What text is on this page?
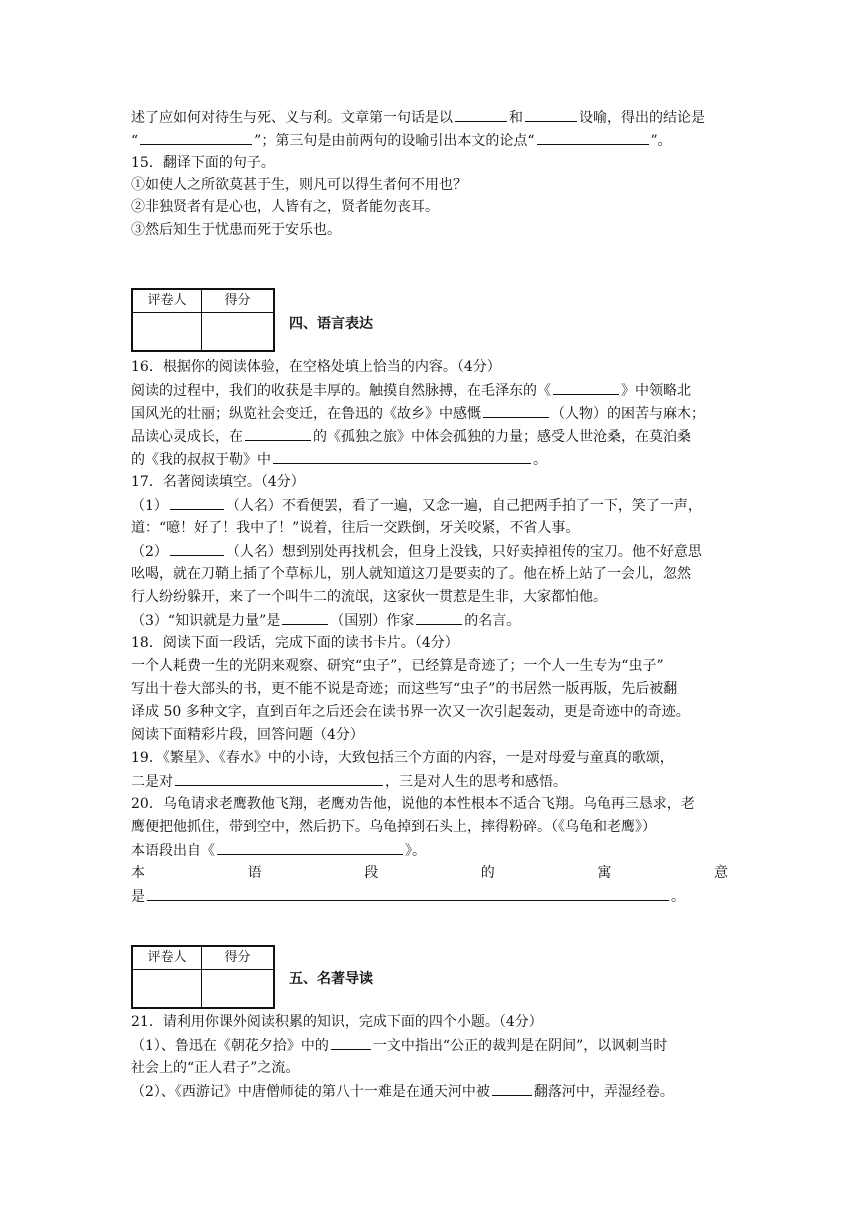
述了应如何对待生与死、义与利。文章第一句话是以	和	设喻，得出的结论是
“	”；第三句是由前两句的设喻引出本文的论点“	”。
15．翻译下面的句子。
①如使人之所欲莫甚于生，则凡可以得生者何不用也？
②非独贤者有是心也，人皆有之，贤者能勿丧耳。
③然后知生于忧患而死于安乐也。
评卷人	得分
四、语言表达
16．根据你的阅读体验，在空格处填上恰当的内容。（4分）
阅读的过程中，我们的收获是丰厚的。触摸自然脉搏，在毛泽东的《	》中领略北
国风光的壮丽；纵览社会变迁，在鲁迅的《故乡》中感慨	（人物）的困苦与麻木；
品读心灵成长，在	的《孤独之旅》中体会孤独的力量；感受人世沧桑，在莫泊桑
的《我的叔叔于勒》中	。
17．名著阅读填空。（4分）
（1）	（人名）不看便罢，看了一遍，又念一遍，自己把两手拍了一下，笑了一声，
道：“噫！好了！我中了！”说着，往后一交跌倒，牙关咬紧，不省人事。
（2）	（人名）想到别处再找机会，但身上没钱，只好卖掉祖传的宝刀。他不好意思
吆喝，就在刀鞘上插了个草标儿，别人就知道这刀是要卖的了。他在桥上站了一会儿，忽然
行人纷纷躲开，来了一个叫牛二的流氓，这家伙一贯惹是生非，大家都怕他。
（3）“知识就是力量”是	（国别）作家	的名言。
18．阅读下面一段话，完成下面的读书卡片。（4分）
一个人耗费一生的光阴来观察、研究“虫子”，已经算是奇迹了；一个人一生专为“虫子”
写出十卷大部头的书，更不能不说是奇迹；而这些写“虫子”的书居然一版再版，先后被翻
译成 50 多种文字，直到百年之后还会在读书界一次又一次引起轰动，更是奇迹中的奇迹。
阅读下面精彩片段，回答问题（4分）
19．《繁星》、《春水》中的小诗，大致包括三个方面的内容，一是对母爱与童真的歌颂，
二是对	，三是对人生的思考和感悟。
20．乌龟请求老鹰教他飞翔，老鹰劝告他，说他的本性根本不适合飞翔。乌龟再三恳求，老
鹰便把他抓住，带到空中，然后扔下。乌龟掉到石头上，摔得粉碎。（《乌龟和老鹰》）
本语段出自《	》。
本	语	段	的	寓	意
是	。
评卷人	得分
五、名著导读
21．请利用你课外阅读积累的知识，完成下面的四个小题。（4分）
（1）、鲁迅在《朝花夕拾》中的	一文中指出“公正的裁判是在阴间”，以讽刺当时
社会上的“正人君子”之流。
（2）、《西游记》中唐僧师徒的第八十一难是在通天河中被	翻落河中，弄湿经卷。
